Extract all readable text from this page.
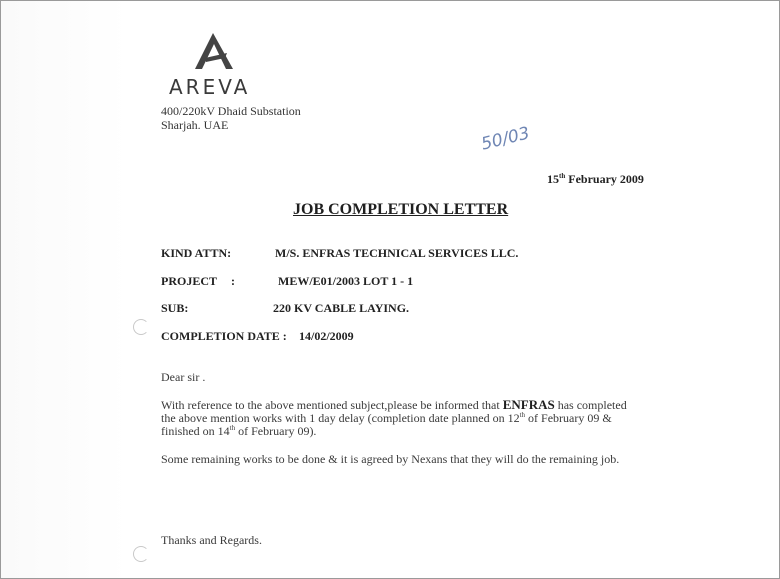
AREVA
400/220kV Dhaid Substation
Sharjah. UAE	50/03
15th February 2009
JOB COMPLETION LETTER
KIND ATTN:	M/S. ENFRAS TECHNICAL SERVICES LLC.
PROJECT :	MEW/E01/2003 LOT 1 - 1
SUB:	220 KV CABLE LAYING.
COMPLETION DATE : 14/02/2009
Dear sir .
With reference to the above mentioned subject,please be informed that ENFRAS has completed the above mention works with 1 day delay (completion date planned on 12th of February 09 & finished on 14th of February 09).
Some remaining works to be done & it is agreed by Nexans that they will do the remaining job.
Thanks and Regards.
